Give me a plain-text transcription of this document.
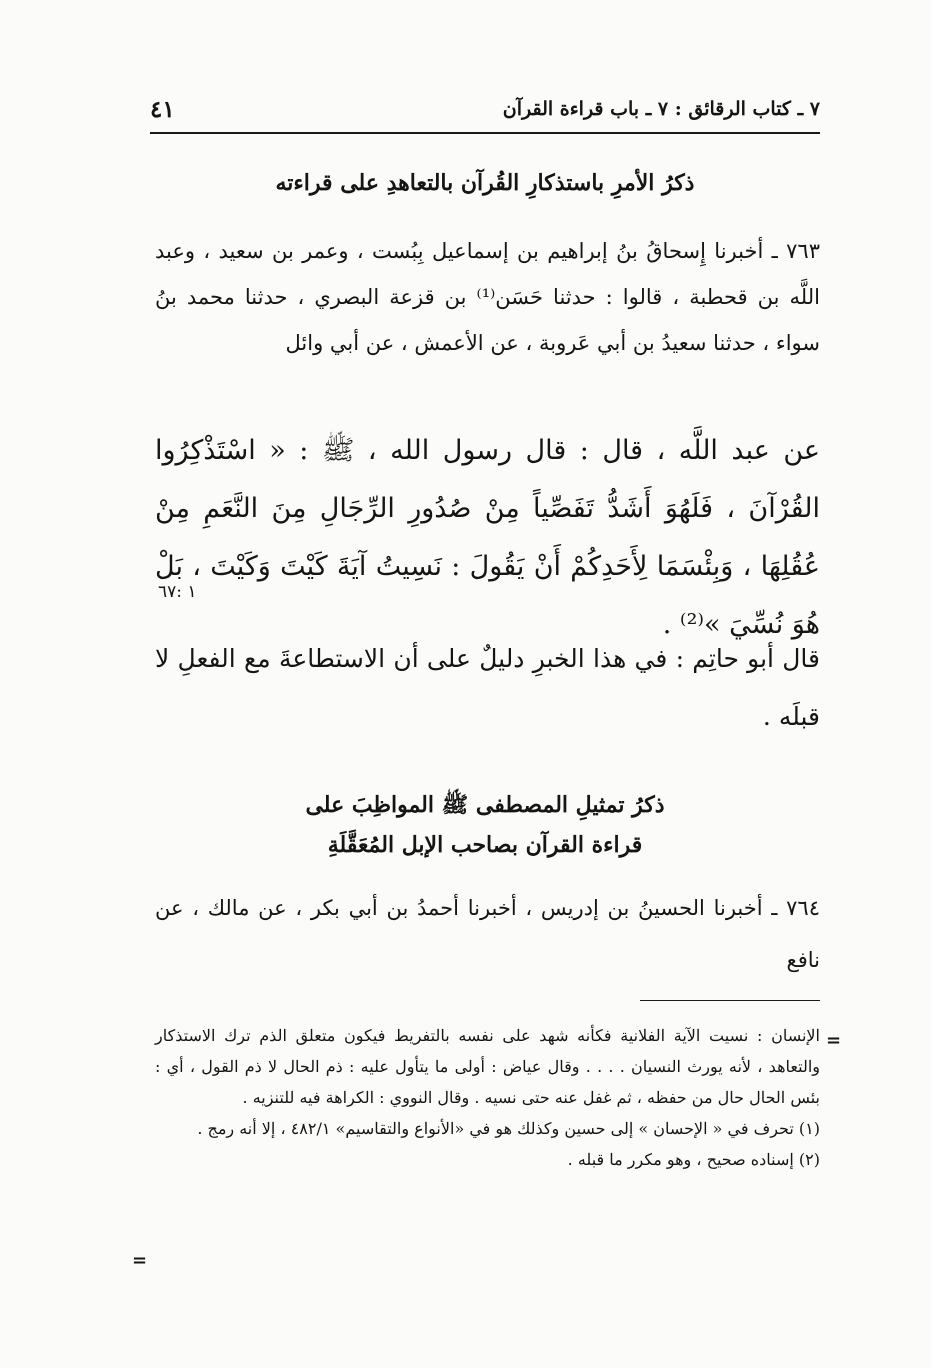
٧ ـ كتاب الرقائق : ٧ ـ باب قراءة القرآن
٤١
ذكرُ الأمرِ باستذكارِ القُرآن بالتعاهدِ على قراءته
٧٦٣ ـ أخبرنا إِسحاقُ بنُ إبراهيم بن إسماعيل بِبُست ، وعمر بن سعيد ، وعبد اللَّه بن قحطبة ، قالوا : حدثنا حَسَن⁽¹⁾ بن قزعة البصري ، حدثنا محمد بنُ سواء ، حدثنا سعيدُ بن أبي عَروبة ، عن الأعمش ، عن أبي وائل
عن عبد اللَّه ، قال : قال رسول الله ، ﷺ : « اسْتَذْكِرُوا القُرْآنَ ، فَلَهُوَ أَشَدُّ تَفَصِّياً مِنْ صُدُورِ الرِّجَالِ مِنَ النَّعَمِ مِنْ عُقُلِهَا ، وَبِئْسَمَا لِأَحَدِكُمْ أَنْ يَقُولَ : نَسِيتُ آيَةَ كَيْتَ وَكَيْتَ ، بَلْ هُوَ نُسِّيَ »⁽²⁾ .
١ :٦٧
قال أبو حاتِم : في هذا الخبرِ دليلٌ على أن الاستطاعةَ مع الفعلِ لا قبلَه .
ذكرُ تمثيلِ المصطفى ﷺ المواظِبَ على
قراءة القرآن بصاحب الإبل المُعَقَّلَةِ
٧٦٤ ـ أخبرنا الحسينُ بن إدريس ، أخبرنا أحمدُ بن أبي بكر ، عن مالك ، عن نافع
=

الإنسان : نسيت الآية الفلانية فكأنه شهد على نفسه بالتفريط فيكون متعلق الذم ترك الاستذكار والتعاهد ، لأنه يورث النسيان . . . . وقال عياض : أولى ما يتأول عليه : ذم الحال لا ذم القول ، أي : بئس الحال حال من حفظه ، ثم غفل عنه حتى نسيه . وقال النووي : الكراهة فيه للتنزيه .

(١) تحرف في « الإحسان » إلى حسين وكذلك هو في «الأنواع والتقاسيم» ٤٨٢/١ ، إلا أنه رمج .

(٢) إسناده صحيح ، وهو مكرر ما قبله .

=
